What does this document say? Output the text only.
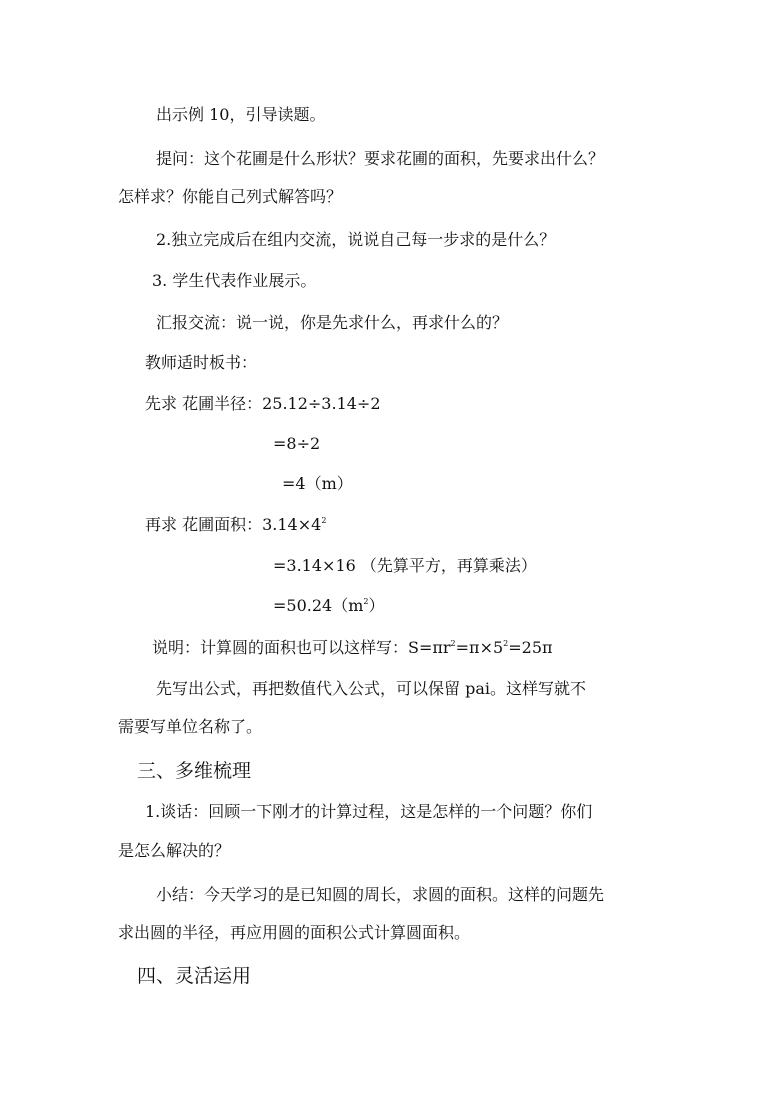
出示例 10，引导读题。

提问：这个花圃是什么形状？要求花圃的面积，先要求出什么？

怎样求？你能自己列式解答吗？

2.独立完成后在组内交流，说说自己每一步求的是什么？

3. 学生代表作业展示。

汇报交流：说一说，你是先求什么，再求什么的？

教师适时板书：

先求 花圃半径：25.12÷3.14÷2

=8÷2

=4（m）

再求 花圃面积：$3.14\times 4^2$

=3.14×16 （先算平方，再算乘法）

$=50.24(m^2)$

说明：计算圆的面积也可以这样写：$S=\pi r^2=\pi\times 5^2=25\pi$

先写出公式，再把数值代入公式，可以保留 pai。这样写就不

需要写单位名称了。

三、多维梳理

1.谈话：回顾一下刚才的计算过程，这是怎样的一个问题？你们

是怎么解决的？

小结：今天学习的是已知圆的周长，求圆的面积。这样的问题先

求出圆的半径，再应用圆的面积公式计算圆面积。

四、灵活运用
